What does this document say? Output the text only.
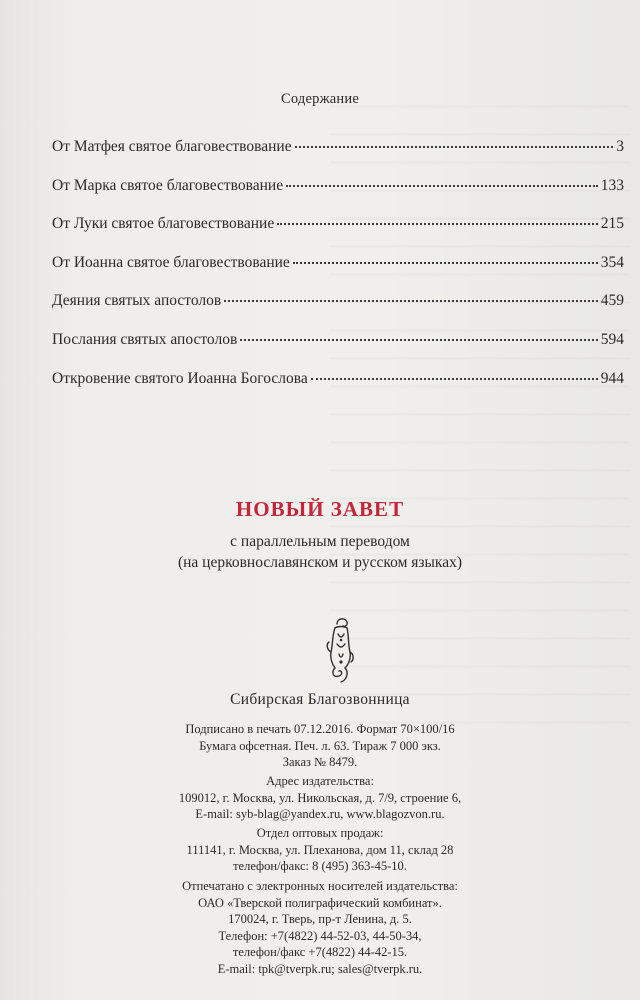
Содержание
От Матфея святое благовествование	3
От Марка святое благовествование	133
От Луки святое благовествование	215
От Иоанна святое благовествование	354
Деяния святых апостолов	459
Послания святых апостолов	594
Откровение святого Иоанна Богослова	944
НОВЫЙ ЗАВЕТ
с параллельным переводом
(на церковнославянском и русском языках)
Сибирская Благозвонница
Подписано в печать 07.12.2016. Формат 70×100/16
Бумага офсетная. Печ. л. 63. Тираж 7 000 экз.
Заказ № 8479.
Адрес издательства:
109012, г. Москва, ул. Никольская, д. 7/9, строение 6,
E-mail: syb-blag@yandex.ru, www.blagozvon.ru.
Отдел оптовых продаж:
111141, г. Москва, ул. Плеханова, дом 11, склад 28
телефон/факс: 8 (495) 363-45-10.
Отпечатано с электронных носителей издательства:
ОАО «Тверской полиграфический комбинат».
170024, г. Тверь, пр-т Ленина, д. 5.
Телефон: +7(4822) 44-52-03, 44-50-34,
телефон/факс +7(4822) 44-42-15.
E-mail: tpk@tverpk.ru; sales@tverpk.ru.
